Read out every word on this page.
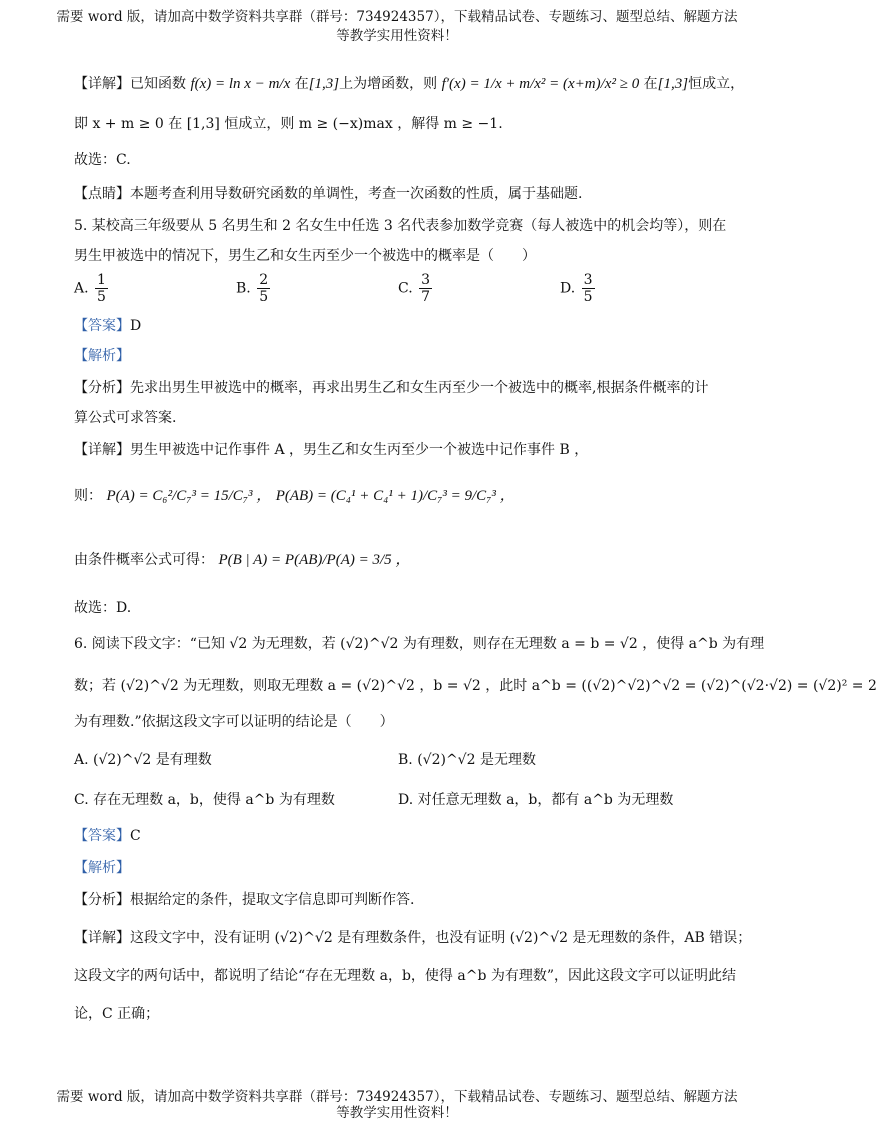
需要 word 版，请加高中数学资料共享群（群号：734924357），下载精品试卷、专题练习、题型总结、解题方法
等教学实用性资料！
【详解】已知函数 f(x) = ln x − m/x 在[1,3]上为增函数，则 f′(x) = 1/x + m/x² = (x+m)/x² ≥ 0 在[1,3]恒成立，
即 x + m ≥ 0 在 [1,3] 恒成立，则 m ≥ (−x)max ，解得 m ≥ −1.
故选：C.
【点睛】本题考查利用导数研究函数的单调性，考查一次函数的性质，属于基础题.
5. 某校高三年级要从 5 名男生和 2 名女生中任选 3 名代表参加数学竞赛（每人被选中的机会均等），则在
男生甲被选中的情况下，男生乙和女生丙至少一个被选中的概率是（　　）
A. $\frac{1}{5}$	B. $\frac{2}{5}$	C. $\frac{3}{7}$	D. $\frac{3}{5}$
【答案】D
【解析】
【分析】先求出男生甲被选中的概率，再求出男生乙和女生丙至少一个被选中的概率,根据条件概率的计
算公式可求答案.
【详解】男生甲被选中记作事件 A ，男生乙和女生丙至少一个被选中记作事件 B ，
则： P(A) = C₆²/C₇³ = 15/C₇³ ， P(AB) = (C₄¹ + C₄¹ + 1)/C₇³ = 9/C₇³ ，
由条件概率公式可得： P(B | A) = P(AB)/P(A) = 3/5 ，
故选：D.
6. 阅读下段文字：“已知 √2 为无理数，若 (√2)^√2 为有理数，则存在无理数 a = b = √2 ，使得 a^b 为有理
数；若 (√2)^√2 为无理数，则取无理数 a = (√2)^√2 ，b = √2 ，此时 a^b = ((√2)^√2)^√2 = (√2)^(√2·√2) = (√2)² = 2
为有理数.”依据这段文字可以证明的结论是（　　）
A. (√2)^√2 是有理数	B. (√2)^√2 是无理数
C. 存在无理数 a，b，使得 a^b 为有理数	D. 对任意无理数 a，b，都有 a^b 为无理数
【答案】C
【解析】
【分析】根据给定的条件，提取文字信息即可判断作答.
【详解】这段文字中，没有证明 (√2)^√2 是有理数条件，也没有证明 (√2)^√2 是无理数的条件，AB 错误；
这段文字的两句话中，都说明了结论“存在无理数 a，b，使得 a^b 为有理数”，因此这段文字可以证明此结
论，C 正确；
需要 word 版，请加高中数学资料共享群（群号：734924357），下载精品试卷、专题练习、题型总结、解题方法
等教学实用性资料！
